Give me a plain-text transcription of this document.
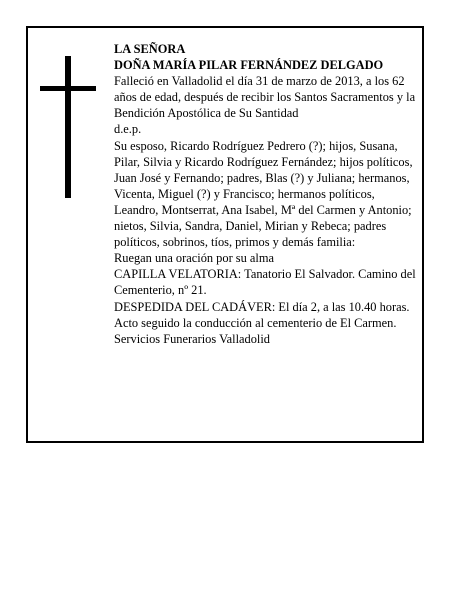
LA SEÑORA

DOÑA MARÍA PILAR FERNÁNDEZ DELGADO

Falleció en Valladolid el día 31 de marzo de 2013, a los 62 años de edad, después de recibir los Santos Sacramentos y la Bendición Apostólica de Su Santidad

d.e.p.

Su esposo, Ricardo Rodríguez Pedrero (?); hijos, Susana, Pilar, Silvia y Ricardo Rodríguez Fernández; hijos políticos, Juan José y Fernando; padres, Blas (?) y Juliana; hermanos, Vicenta, Miguel (?) y Francisco; hermanos políticos, Leandro, Montserrat, Ana Isabel, Mª del Carmen y Antonio; nietos, Silvia, Sandra, Daniel, Mirian y Rebeca; padres políticos, sobrinos, tíos, primos y demás familia:

Ruegan una oración por su alma

CAPILLA VELATORIA: Tanatorio El Salvador. Camino del Cementerio, nº 21.

DESPEDIDA DEL CADÁVER: El día 2, a las 10.40 horas. Acto seguido la conducción al cementerio de El Carmen.

Servicios Funerarios Valladolid
